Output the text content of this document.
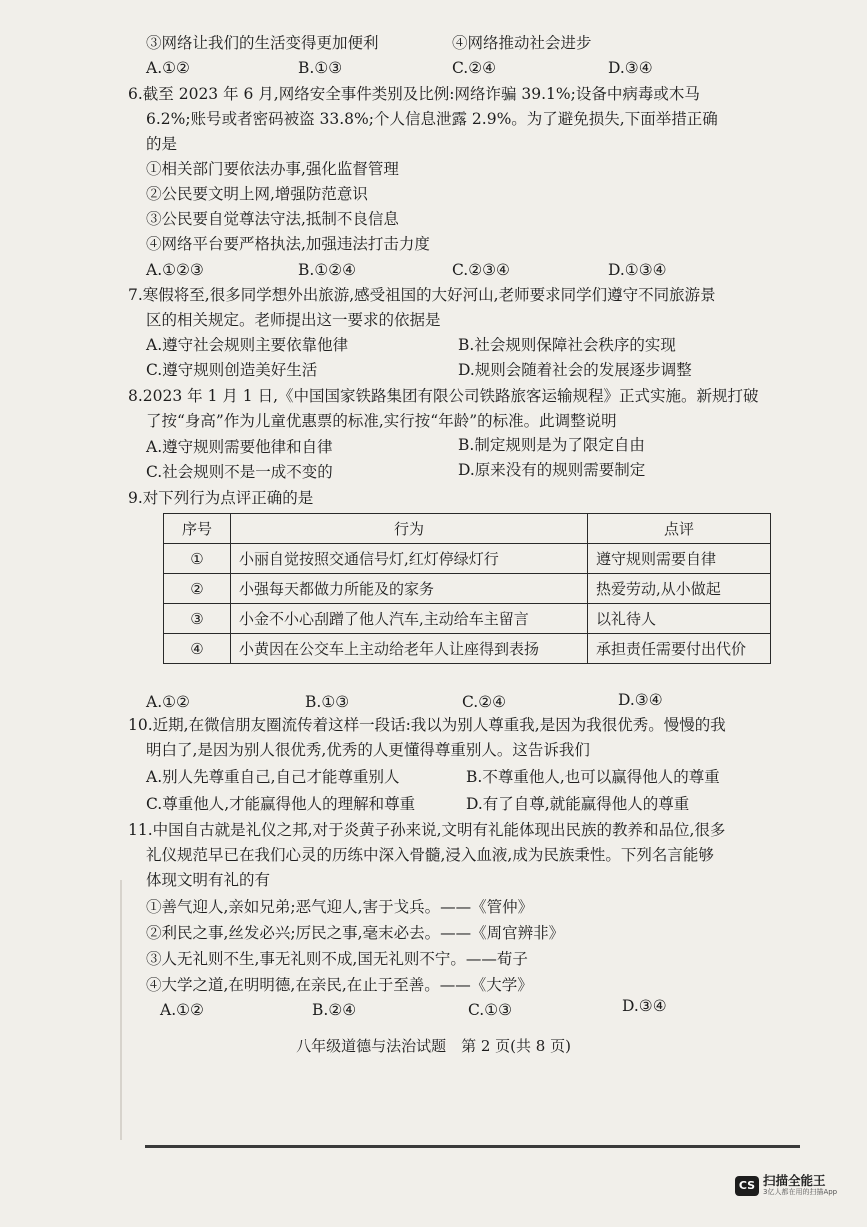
③网络让我们的生活变得更加便利	④网络推动社会进步
A.①②	B.①③	C.②④	D.③④
6.截至 2023 年 6 月,网络安全事件类别及比例:网络诈骗 39.1%;设备中病毒或木马
6.2%;账号或者密码被盗 33.8%;个人信息泄露 2.9%。为了避免损失,下面举措正确
的是
①相关部门要依法办事,强化监督管理
②公民要文明上网,增强防范意识
③公民要自觉尊法守法,抵制不良信息
④网络平台要严格执法,加强违法打击力度
A.①②③	B.①②④	C.②③④	D.①③④
7.寒假将至,很多同学想外出旅游,感受祖国的大好河山,老师要求同学们遵守不同旅游景
区的相关规定。老师提出这一要求的依据是
A.遵守社会规则主要依靠他律	B.社会规则保障社会秩序的实现
C.遵守规则创造美好生活	D.规则会随着社会的发展逐步调整
8.2023 年 1 月 1 日,《中国国家铁路集团有限公司铁路旅客运输规程》正式实施。新规打破
了按“身高”作为儿童优惠票的标准,实行按“年龄”的标准。此调整说明
A.遵守规则需要他律和自律	B.制定规则是为了限定自由
C.社会规则不是一成不变的	D.原来没有的规则需要制定
9.对下列行为点评正确的是
序号	行为	点评
①	小丽自觉按照交通信号灯,红灯停绿灯行	遵守规则需要自律
②	小强每天都做力所能及的家务	热爱劳动,从小做起
③	小金不小心刮蹭了他人汽车,主动给车主留言	以礼待人
④	小黄因在公交车上主动给老年人让座得到表扬	承担责任需要付出代价
A.①②	B.①③	C.②④	D.③④
10.近期,在微信朋友圈流传着这样一段话:我以为别人尊重我,是因为我很优秀。慢慢的我
明白了,是因为别人很优秀,优秀的人更懂得尊重别人。这告诉我们
A.别人先尊重自己,自己才能尊重别人	B.不尊重他人,也可以赢得他人的尊重
C.尊重他人,才能赢得他人的理解和尊重	D.有了自尊,就能赢得他人的尊重
11.中国自古就是礼仪之邦,对于炎黄子孙来说,文明有礼能体现出民族的教养和品位,很多
礼仪规范早已在我们心灵的历练中深入骨髓,浸入血液,成为民族秉性。下列名言能够
体现文明有礼的有
①善气迎人,亲如兄弟;恶气迎人,害于戈兵。——《管仲》
②利民之事,丝发必兴;厉民之事,毫末必去。——《周官辨非》
③人无礼则不生,事无礼则不成,国无礼则不宁。——荀子
④大学之道,在明明德,在亲民,在止于至善。——《大学》
A.①②	B.②④	C.①③	D.③④
八年级道德与法治试题　第 2 页(共 8 页)
CS 扫描全能王
3亿人都在用的扫描App
